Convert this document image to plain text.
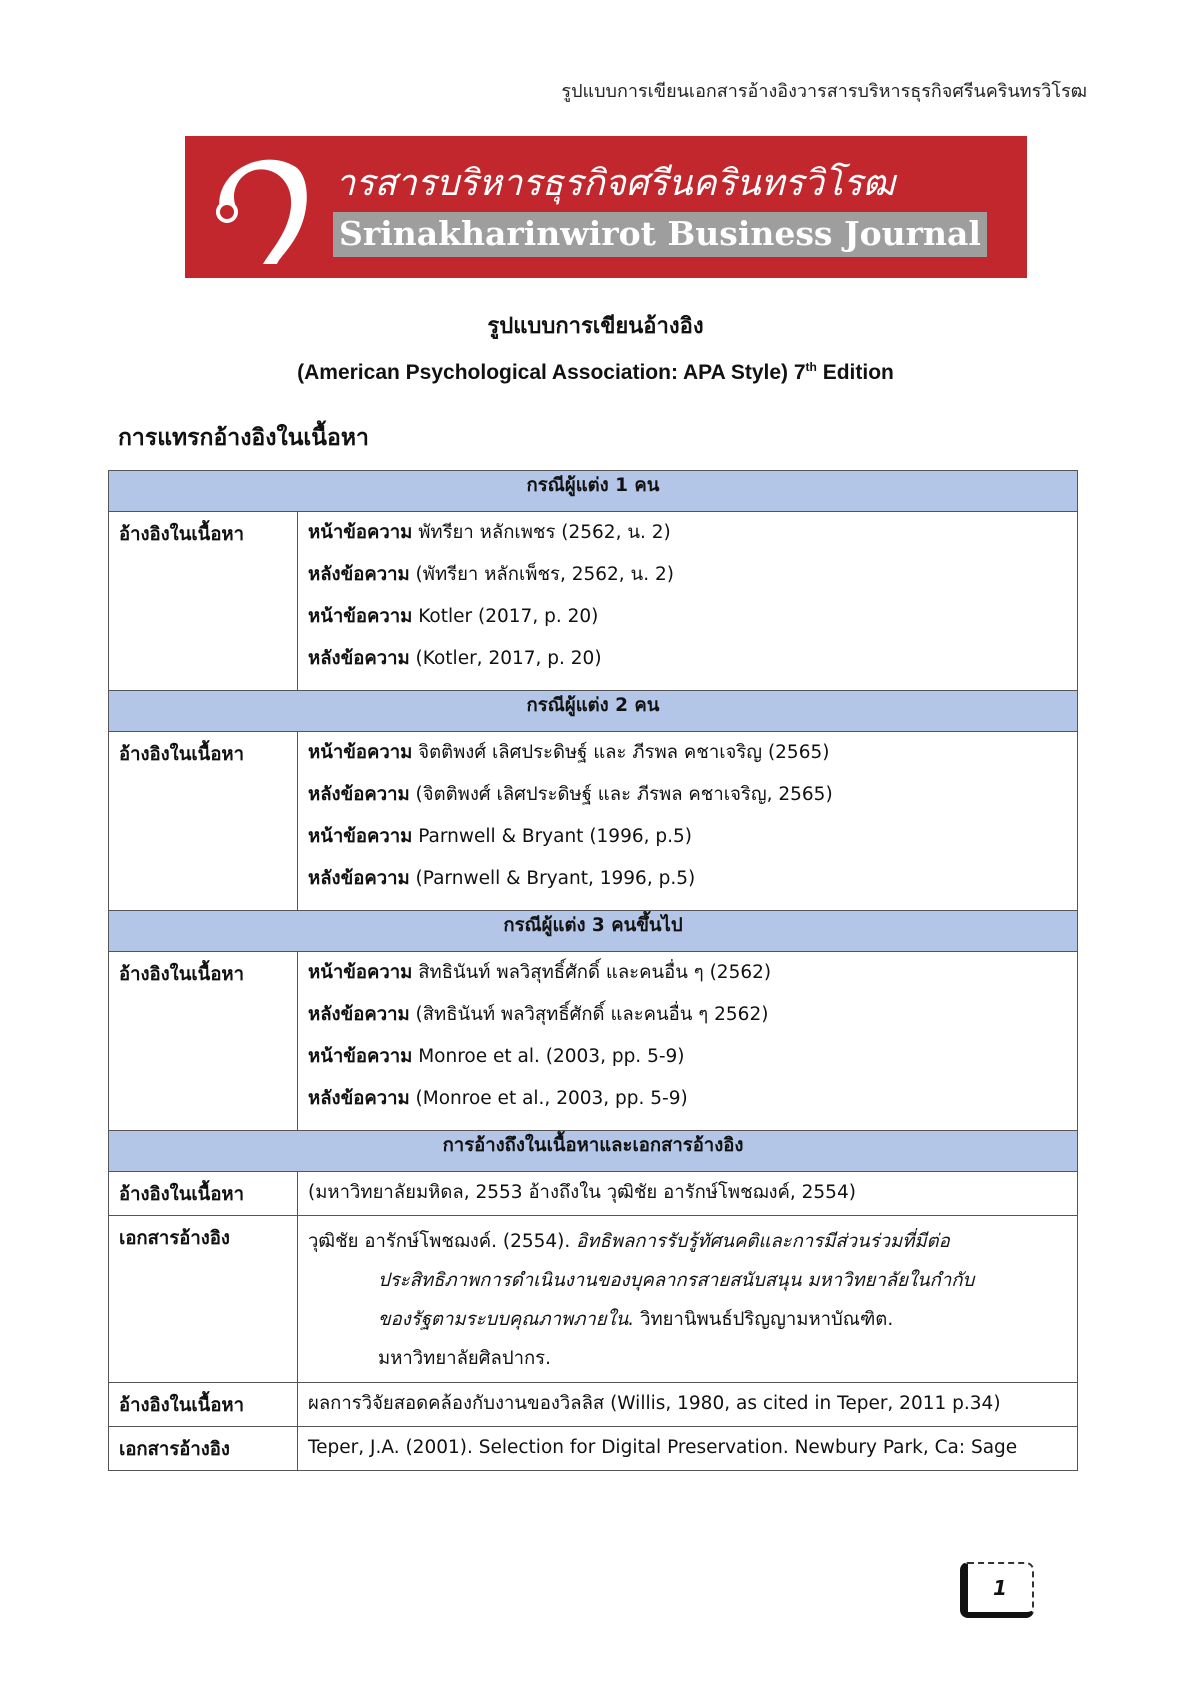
รูปแบบการเขียนเอกสารอ้างอิงวารสารบริหารธุรกิจศรีนครินทรวิโรฒ
ารสารบริหารธุรกิจศรีนครินทรวิโรฒ
Srinakharinwirot Business Journal
รูปแบบการเขียนอ้างอิง
(American Psychological Association: APA Style) 7th Edition
การแทรกอ้างอิงในเนื้อหา
กรณีผู้แต่ง 1 คน	
อ้างอิงในเนื้อหา	หน้าข้อความ พัทรียา หลักเพชร (2562, น. 2)
หลังข้อความ (พัทรียา หลักเพ็ชร, 2562, น. 2)
หน้าข้อความ Kotler (2017, p. 20)
หลังข้อความ (Kotler, 2017, p. 20)

กรณีผู้แต่ง 2 คน	
อ้างอิงในเนื้อหา	หน้าข้อความ จิตติพงศ์ เลิศประดิษฐ์ และ ภีรพล คชาเจริญ (2565)
หลังข้อความ (จิตติพงศ์ เลิศประดิษฐ์ และ ภีรพล คชาเจริญ, 2565)
หน้าข้อความ Parnwell & Bryant (1996, p.5)
หลังข้อความ (Parnwell & Bryant, 1996, p.5)

กรณีผู้แต่ง 3 คนขึ้นไป	
อ้างอิงในเนื้อหา	หน้าข้อความ สิทธินันท์ พลวิสุทธิ์ศักดิ์ และคนอื่น ๆ (2562)
หลังข้อความ (สิทธินันท์ พลวิสุทธิ์ศักดิ์ และคนอื่น ๆ 2562)
หน้าข้อความ Monroe et al. (2003, pp. 5-9)
หลังข้อความ (Monroe et al., 2003, pp. 5-9)

การอ้างถึงในเนื้อหาและเอกสารอ้างอิง	
อ้างอิงในเนื้อหา	(มหาวิทยาลัยมหิดล, 2553 อ้างถึงใน วุฒิชัย อารักษ์โพชฌงค์, 2554)

เอกสารอ้างอิง	วุฒิชัย อารักษ์โพชฌงค์. (2554). อิทธิพลการรับรู้ทัศนคติและการมีส่วนร่วมที่มีต่อ
ประสิทธิภาพการดำเนินงานของบุคลากรสายสนับสนุน มหาวิทยาลัยในกำกับ
ของรัฐตามระบบคุณภาพภายใน. วิทยานิพนธ์ปริญญามหาบัณฑิต.
มหาวิทยาลัยศิลปากร.

อ้างอิงในเนื้อหา	ผลการวิจัยสอดคล้องกับงานของวิลลิส (Willis, 1980, as cited in Teper, 2011 p.34)

เอกสารอ้างอิง	Teper, J.A. (2001). Selection for Digital Preservation. Newbury Park, Ca: Sage
1
